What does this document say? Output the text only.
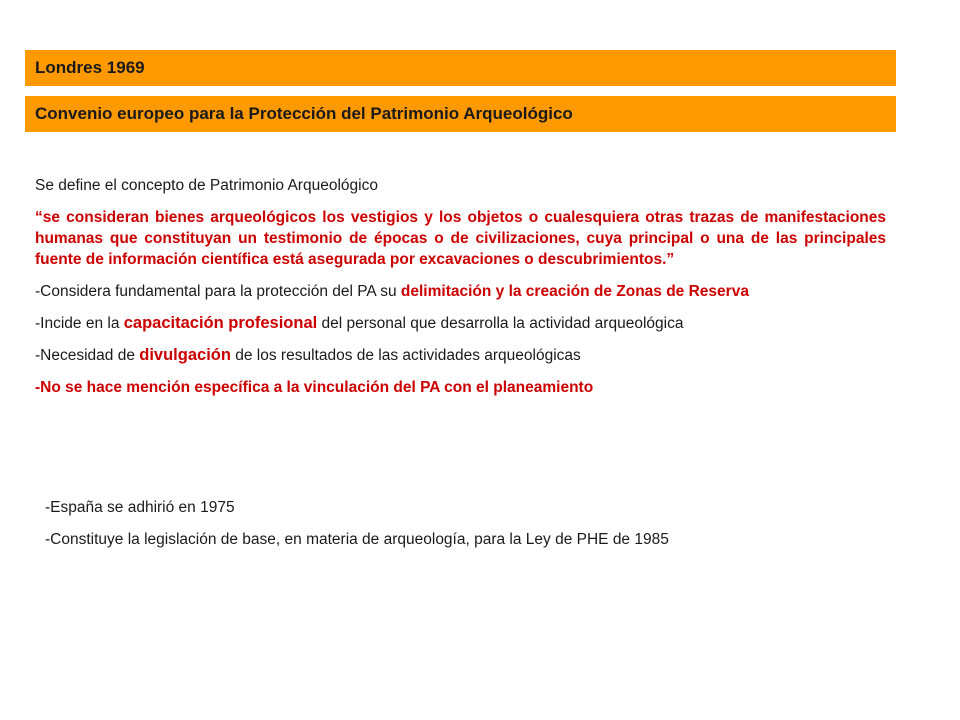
Londres 1969
Convenio europeo para la Protección del Patrimonio Arqueológico

Se define el concepto de Patrimonio Arqueológico

“se consideran bienes arqueológicos los vestigios y los objetos o cualesquiera otras trazas de manifestaciones humanas que constituyan un testimonio de épocas o de civilizaciones, cuya principal o una de las principales fuente de información científica está asegurada por excavaciones o descubrimientos.”

-Considera fundamental para la protección del PA su delimitación y la creación de Zonas de Reserva

-Incide en la capacitación profesional del personal que desarrolla la actividad arqueológica

-Necesidad de divulgación de los resultados de las actividades arqueológicas

-No se hace mención específica a la vinculación del PA con el planeamiento

-España se adhirió en 1975

-Constituye la legislación de base, en materia de arqueología, para la Ley de PHE de 1985
